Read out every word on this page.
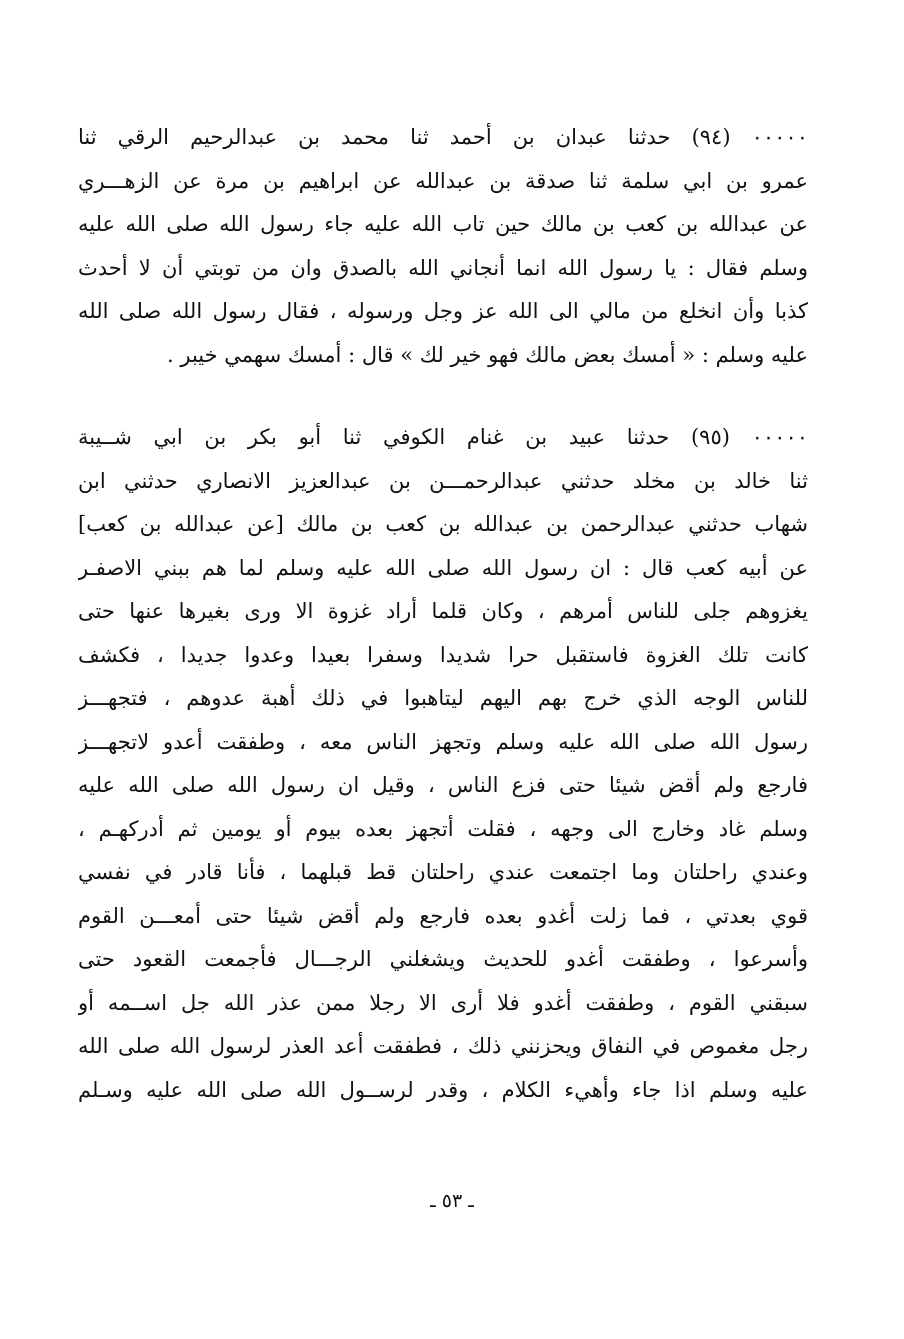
٠٠٠٠٠ (٩٤) حدثنا عبدان بن أحمد ثنا محمد بن عبدالرحيم الرقي ثنا
عمرو بن ابي سلمة ثنا صدقة بن عبدالله عن ابراهيم بن مرة عن الزهـــري
عن عبدالله بن كعب بن مالك حين تاب الله عليه جاء رسول الله صلى الله عليه
وسلم فقال : يا رسول الله انما أنجاني الله بالصدق وان من توبتي أن لا أحدث
كذبا وأن انخلع من مالي الى الله عز وجل ورسوله ، فقال رسول الله صلى الله
عليه وسلم : « أمسك بعض مالك فهو خير لك » قال : أمسك سهمي خيبر .
٠٠٠٠٠ (٩٥) حدثنا عبيد بن غنام الكوفي ثنا أبو بكر بن ابي شــيبة
ثنا خالد بن مخلد حدثني عبدالرحمـــن بن عبدالعزيز الانصاري حدثني ابن
شهاب حدثني عبدالرحمن بن عبدالله بن كعب بن مالك [عن عبدالله بن كعب]
عن أبيه كعب قال : ان رسول الله صلى الله عليه وسلم لما هم ببني الاصفـر
يغزوهم جلى للناس أمرهم ، وكان قلما أراد غزوة الا ورى بغيرها عنها حتى
كانت تلك الغزوة فاستقبل حرا شديدا وسفرا بعيدا وعدوا جديدا ، فكشف
للناس الوجه الذي خرج بهم اليهم ليتاهبوا في ذلك أهبة عدوهم ، فتجهـــز
رسول الله صلى الله عليه وسلم وتجهز الناس معه ، وطفقت أعدو لاتجهـــز
فارجع ولم أقض شيئا حتى فزع الناس ، وقيل ان رسول الله صلى الله عليه
وسلم غاد وخارج الى وجهه ، فقلت أتجهز بعده بيوم أو يومين ثم أدركهـم ،
وعندي راحلتان وما اجتمعت عندي راحلتان قط قبلهما ، فأنا قادر في نفسي
قوي بعدتي ، فما زلت أغدو بعده فارجع ولم أقض شيئا حتى أمعـــن القوم
وأسرعوا ، وطفقت أغدو للحديث ويشغلني الرجـــال فأجمعت القعود حتى
سبقني القوم ، وطفقت أغدو فلا أرى الا رجلا ممن عذر الله جل اســمه أو
رجل مغموص في النفاق ويحزنني ذلك ، فطفقت أعد العذر لرسول الله صلى الله
عليه وسلم اذا جاء وأهيء الكلام ، وقدر لرســول الله صلى الله عليه وسـلم
ـ ٥٣ ـ
